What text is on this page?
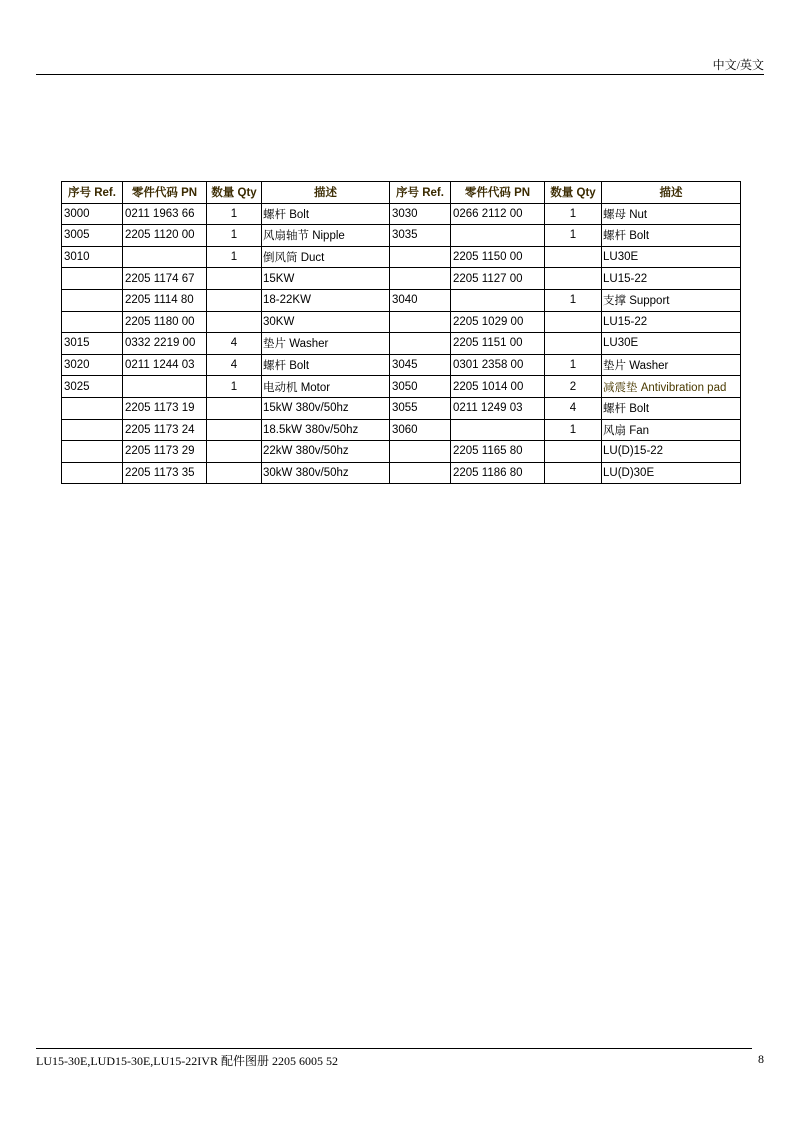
中文/英文
序号 Ref.	零件代码 PN	数量 Qty	描述	序号 Ref.	零件代码 PN	数量 Qty	描述
3000	0211 1963 66	1	螺杆 Bolt	3030	0266 2112 00	1	螺母 Nut
3005	2205 1120 00	1	风扇轴节 Nipple	3035		1	螺杆 Bolt
3010		1	倒风筒 Duct		2205 1150 00		LU30E
	2205 1174 67		15KW		2205 1127 00		LU15-22
	2205 1114 80		18-22KW	3040		1	支撑 Support
	2205 1180 00		30KW		2205 1029 00		LU15-22
3015	0332 2219 00	4	垫片 Washer		2205 1151 00		LU30E
3020	0211 1244 03	4	螺杆 Bolt	3045	0301 2358 00	1	垫片 Washer
3025		1	电动机 Motor	3050	2205 1014 00	2	减震垫 Antivibration pad
	2205 1173 19		15kW 380v/50hz	3055	0211 1249 03	4	螺杆 Bolt
	2205 1173 24		18.5kW 380v/50hz	3060		1	风扇 Fan
	2205 1173 29		22kW 380v/50hz		2205 1165 80		LU(D)15-22
	2205 1173 35		30kW 380v/50hz		2205 1186 80		LU(D)30E
LU15-30E,LUD15-30E,LU15-22IVR 配件图册 2205 6005 52	8
